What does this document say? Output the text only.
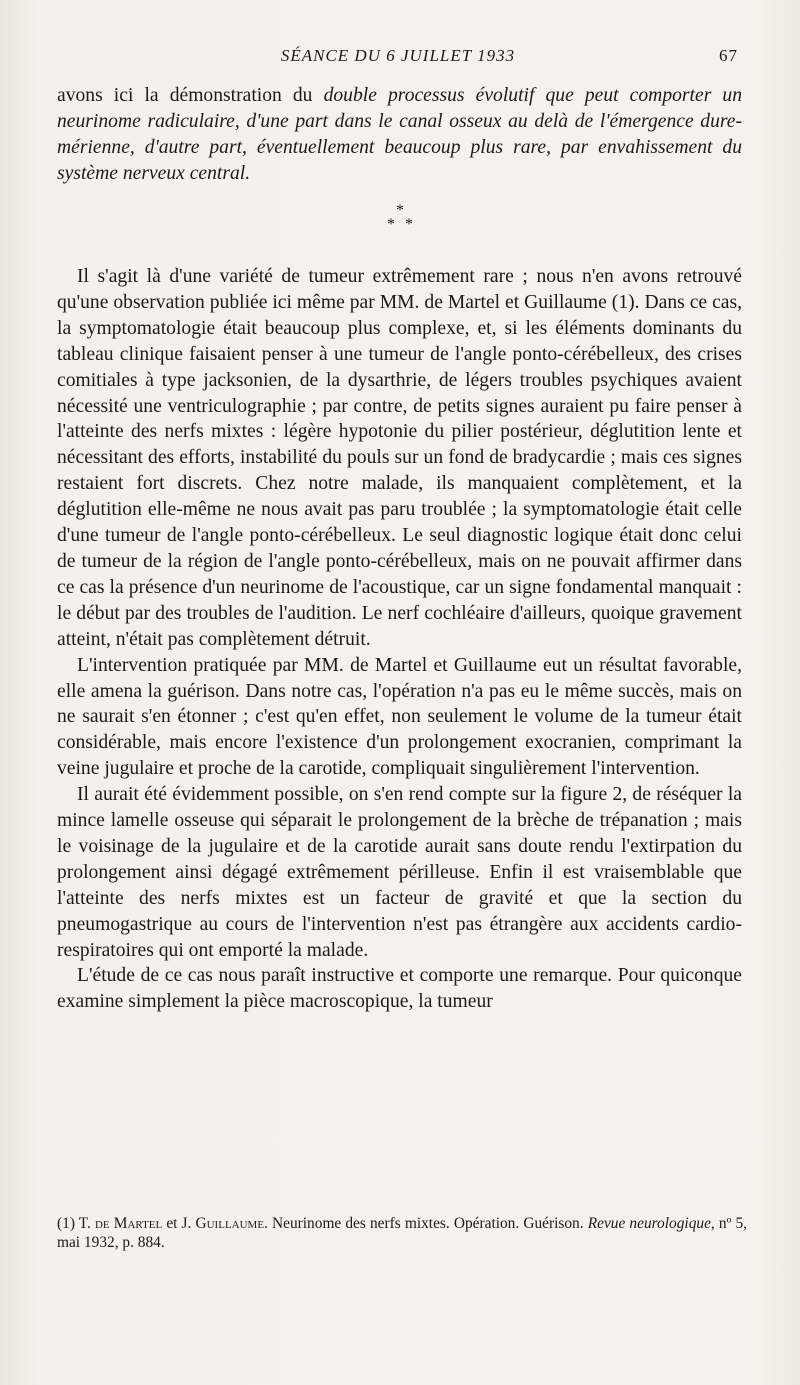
SÉANCE DU 6 JUILLET 1933	67

avons ici la démonstration du double processus évolutif que peut comporter un neurinome radiculaire, d'une part dans le canal osseux au delà de l'émergence dure-mérienne, d'autre part, éventuellement beaucoup plus rare, par envahissement du système nerveux central.

*
**

Il s'agit là d'une variété de tumeur extrêmement rare ; nous n'en avons retrouvé qu'une observation publiée ici même par MM. de Martel et Guillaume (1). Dans ce cas, la symptomatologie était beaucoup plus complexe, et, si les éléments dominants du tableau clinique faisaient penser à une tumeur de l'angle ponto-cérébelleux, des crises comitiales à type jacksonien, de la dysarthrie, de légers troubles psychiques avaient nécessité une ventriculographie ; par contre, de petits signes auraient pu faire penser à l'atteinte des nerfs mixtes : légère hypotonie du pilier postérieur, déglutition lente et nécessitant des efforts, instabilité du pouls sur un fond de bradycardie ; mais ces signes restaient fort discrets. Chez notre malade, ils manquaient complètement, et la déglutition elle-même ne nous avait pas paru troublée ; la symptomatologie était celle d'une tumeur de l'angle ponto-cérébelleux. Le seul diagnostic logique était donc celui de tumeur de la région de l'angle ponto-cérébelleux, mais on ne pouvait affirmer dans ce cas la présence d'un neurinome de l'acoustique, car un signe fondamental manquait : le début par des troubles de l'audition. Le nerf cochléaire d'ailleurs, quoique gravement atteint, n'était pas complètement détruit.

L'intervention pratiquée par MM. de Martel et Guillaume eut un résultat favorable, elle amena la guérison. Dans notre cas, l'opération n'a pas eu le même succès, mais on ne saurait s'en étonner ; c'est qu'en effet, non seulement le volume de la tumeur était considérable, mais encore l'existence d'un prolongement exocranien, comprimant la veine jugulaire et proche de la carotide, compliquait singulièrement l'intervention.

Il aurait été évidemment possible, on s'en rend compte sur la figure 2, de réséquer la mince lamelle osseuse qui séparait le prolongement de la brèche de trépanation ; mais le voisinage de la jugulaire et de la carotide aurait sans doute rendu l'extirpation du prolongement ainsi dégagé extrêmement périlleuse. Enfin il est vraisemblable que l'atteinte des nerfs mixtes est un facteur de gravité et que la section du pneumogastrique au cours de l'intervention n'est pas étrangère aux accidents cardio-respiratoires qui ont emporté la malade.

L'étude de ce cas nous paraît instructive et comporte une remarque. Pour quiconque examine simplement la pièce macroscopique, la tumeur

(1) T. de Martel et J. Guillaume. Neurinome des nerfs mixtes. Opération. Guérison. Revue neurologique, nº 5, mai 1932, p. 884.
